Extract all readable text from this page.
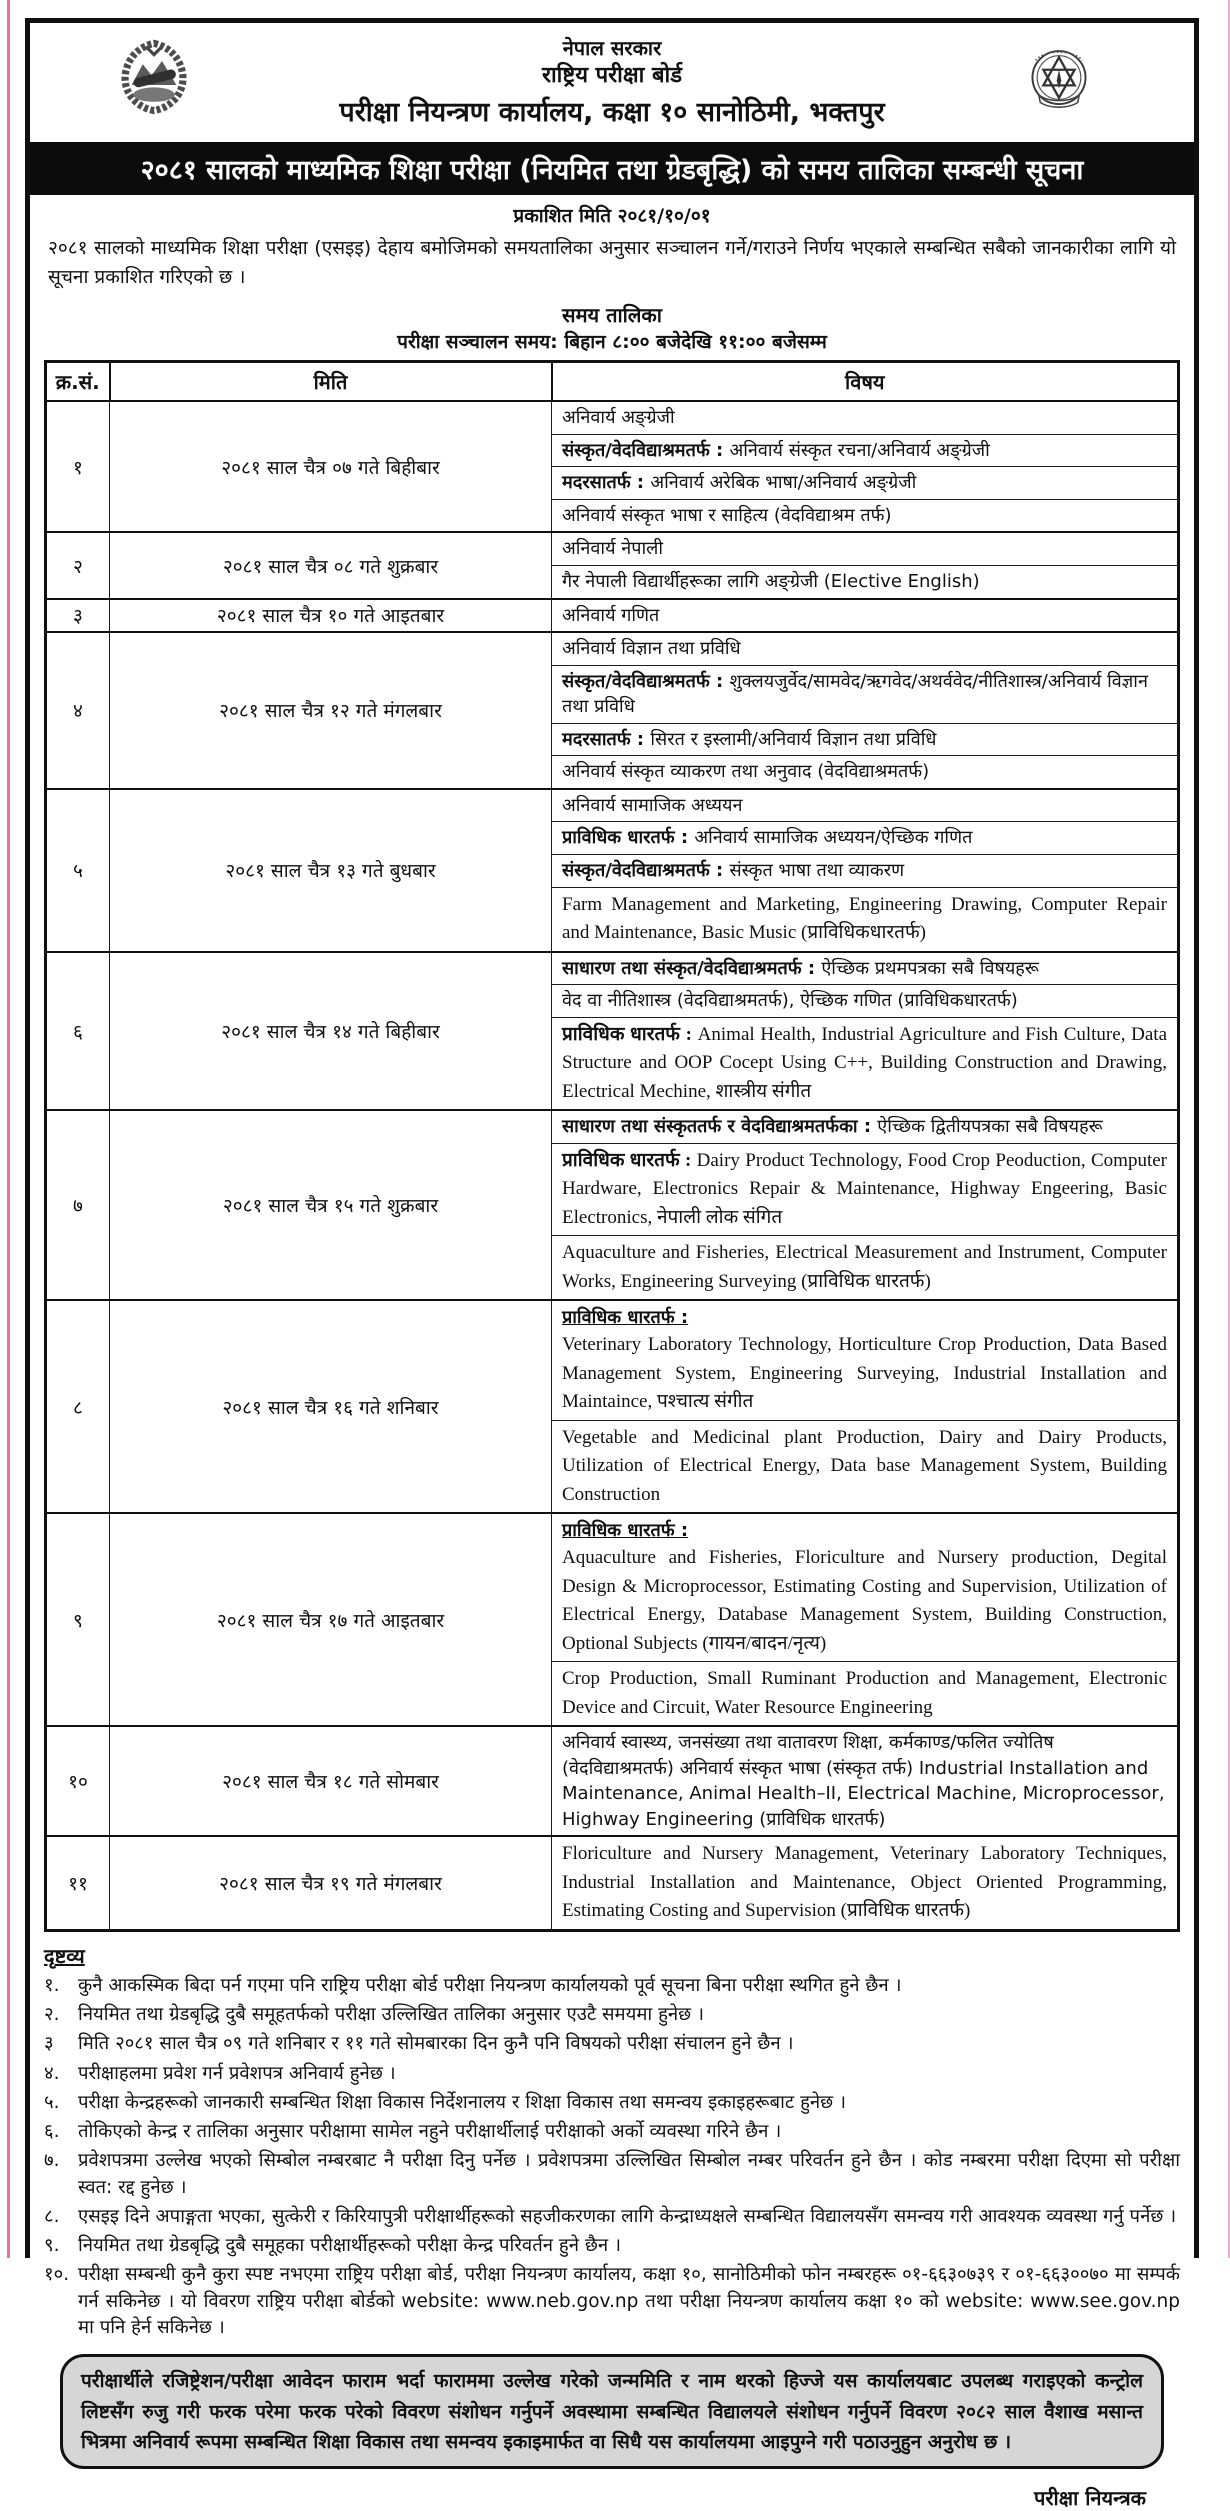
नेपाल सरकार
राष्ट्रिय परीक्षा बोर्ड
परीक्षा नियन्त्रण कार्यालय, कक्षा १० सानोठिमी, भक्तपुर
२०८१ सालको माध्यमिक शिक्षा परीक्षा (नियमित तथा ग्रेडबृद्धि) को समय तालिका सम्बन्धी सूचना
प्रकाशित मिति २०८१/१०/०१
२०८१ सालको माध्यमिक शिक्षा परीक्षा (एसइइ) देहाय बमोजिमको समयतालिका अनुसार सञ्चालन गर्ने/गराउने निर्णय भएकाले सम्बन्धित सबैको जानकारीका लागि यो सूचना प्रकाशित गरिएको छ ।
समय तालिका
परीक्षा सञ्चालन समय: बिहान ८:०० बजेदेखि ११:०० बजेसम्म
क्र.सं.	मिति	विषय
१	२०८१ साल चैत्र ०७ गते बिहीबार	अनिवार्य अङ्ग्रेजी
		संस्कृत/वेदविद्याश्रमतर्फ : अनिवार्य संस्कृत रचना/अनिवार्य अङ्ग्रेजी
		मदरसातर्फ : अनिवार्य अरेबिक भाषा/अनिवार्य अङ्ग्रेजी
		अनिवार्य संस्कृत भाषा र साहित्य (वेदविद्याश्रम तर्फ)
२	२०८१ साल चैत्र ०८ गते शुक्रबार	अनिवार्य नेपाली
		गैर नेपाली विद्यार्थीहरूका लागि अङ्ग्रेजी (Elective English)
३	२०८१ साल चैत्र १० गते आइतबार	अनिवार्य गणित
४	२०८१ साल चैत्र १२ गते मंगलबार	अनिवार्य विज्ञान तथा प्रविधि
		संस्कृत/वेदविद्याश्रमतर्फ : शुक्लयजुर्वेद/सामवेद/ऋगवेद/अथर्ववेद/नीतिशास्त्र/अनिवार्य विज्ञान तथा प्रविधि
		मदरसातर्फ : सिरत र इस्लामी/अनिवार्य विज्ञान तथा प्रविधि
		अनिवार्य संस्कृत व्याकरण तथा अनुवाद (वेदविद्याश्रमतर्फ)
५	२०८१ साल चैत्र १३ गते बुधबार	अनिवार्य सामाजिक अध्ययन
		प्राविधिक धारतर्फ : अनिवार्य सामाजिक अध्ययन/ऐच्छिक गणित
		संस्कृत/वेदविद्याश्रमतर्फ : संस्कृत भाषा तथा व्याकरण
		Farm Management and Marketing, Engineering Drawing, Computer Repair and Maintenance, Basic Music (प्राविधिकधारतर्फ)
६	२०८१ साल चैत्र १४ गते बिहीबार	साधारण तथा संस्कृत/वेदविद्याश्रमतर्फ : ऐच्छिक प्रथमपत्रका सबै विषयहरू
		वेद वा नीतिशास्त्र (वेदविद्याश्रमतर्फ), ऐच्छिक गणित (प्राविधिकधारतर्फ)
		प्राविधिक धारतर्फ : Animal Health, Industrial Agriculture and Fish Culture, Data Structure and OOP Cocept Using C++, Building Construction and Drawing, Electrical Mechine, शास्त्रीय संगीत
७	२०८१ साल चैत्र १५ गते शुक्रबार	साधारण तथा संस्कृततर्फ र वेदविद्याश्रमतर्फका : ऐच्छिक द्वितीयपत्रका सबै विषयहरू
		प्राविधिक धारतर्फ : Dairy Product Technology, Food Crop Peoduction, Computer Hardware, Electronics Repair & Maintenance, Highway Engeering, Basic Electronics, नेपाली लोक संगित
		Aquaculture and Fisheries, Electrical Measurement and Instrument, Computer Works, Engineering Surveying (प्राविधिक धारतर्फ)
८	२०८१ साल चैत्र १६ गते शनिबार	प्राविधिक धारतर्फ :
Veterinary Laboratory Technology, Horticulture Crop Production, Data Based Management System, Engineering Surveying, Industrial Installation and Maintaince, पश्चात्य संगीत

		Vegetable and Medicinal plant Production, Dairy and Dairy Products, Utilization of Electrical Energy, Data base Management System, Building Construction
९	२०८१ साल चैत्र १७ गते आइतबार	प्राविधिक धारतर्फ :
Aquaculture and Fisheries, Floriculture and Nursery production, Degital Design & Microprocessor, Estimating Costing and Supervision, Utilization of Electrical Energy, Database Management System, Building Construction, Optional Subjects (गायन/बादन/नृत्य)

		Crop Production, Small Ruminant Production and Management, Electronic Device and Circuit, Water Resource Engineering
१०	२०८१ साल चैत्र १८ गते सोमबार	अनिवार्य स्वास्थ्य, जनसंख्या तथा वातावरण शिक्षा, कर्मकाण्ड/फलित ज्योतिष (वेदविद्याश्रमतर्फ) अनिवार्य संस्कृत भाषा (संस्कृत तर्फ) Industrial Installation and Maintenance, Animal Health–II, Electrical Machine, Microprocessor, Highway Engineering (प्राविधिक धारतर्फ)
११	२०८१ साल चैत्र १९ गते मंगलबार	Floriculture and Nursery Management, Veterinary Laboratory Techniques, Industrial Installation and Maintenance, Object Oriented Programming, Estimating Costing and Supervision (प्राविधिक धारतर्फ)
दृष्टव्य
१. कुनै आकस्मिक बिदा पर्न गएमा पनि राष्ट्रिय परीक्षा बोर्ड परीक्षा नियन्त्रण कार्यालयको पूर्व सूचना बिना परीक्षा स्थगित हुने छैन ।
२. नियमित तथा ग्रेडबृद्धि दुबै समूहतर्फको परीक्षा उल्लिखित तालिका अनुसार एउटै समयमा हुनेछ ।
३	मिति २०८१ साल चैत्र ०९ गते शनिबार र ११ गते सोमबारका दिन कुनै पनि विषयको परीक्षा संचालन हुने छैन ।
४. परीक्षाहलमा प्रवेश गर्न प्रवेशपत्र अनिवार्य हुनेछ ।
५. परीक्षा केन्द्रहरूको जानकारी सम्बन्धित शिक्षा विकास निर्देशनालय र शिक्षा विकास तथा समन्वय इकाइहरूबाट हुनेछ ।
६. तोकिएको केन्द्र र तालिका अनुसार परीक्षामा सामेल नहुने परीक्षार्थीलाई परीक्षाको अर्को व्यवस्था गरिने छैन ।
७. प्रवेशपत्रमा उल्लेख भएको सिम्बोल नम्बरबाट नै परीक्षा दिनु पर्नेछ । प्रवेशपत्रमा उल्लिखित सिम्बोल नम्बर परिवर्तन हुने छैन । कोड नम्बरमा परीक्षा दिएमा सो परीक्षा स्वत: रद्द हुनेछ ।
८. एसइइ दिने अपाङ्गता भएका, सुत्केरी र किरियापुत्री परीक्षार्थीहरूको सहजीकरणका लागि केन्द्राध्यक्षले सम्बन्धित विद्यालयसँग समन्वय गरी आवश्यक व्यवस्था गर्नु पर्नेछ ।
९. नियमित तथा ग्रेडबृद्धि दुबै समूहका परीक्षार्थीहरूको परीक्षा केन्द्र परिवर्तन हुने छैन ।
१०. परीक्षा सम्बन्धी कुनै कुरा स्पष्ट नभएमा राष्ट्रिय परीक्षा बोर्ड, परीक्षा नियन्त्रण कार्यालय, कक्षा १०, सानोठिमीको फोन नम्बरहरू ०१-६६३०७३९ र ०१-६६३००७० मा सम्पर्क गर्न सकिनेछ । यो विवरण राष्ट्रिय परीक्षा बोर्डको website: www.neb.gov.np तथा परीक्षा नियन्त्रण कार्यालय कक्षा १० को website: www.see.gov.np मा पनि हेर्न सकिनेछ ।
परीक्षार्थीले रजिष्ट्रेशन/परीक्षा आवेदन फाराम भर्दा फाराममा उल्लेख गरेको जन्ममिति र नाम थरको हिज्जे यस कार्यालयबाट उपलब्ध गराइएको कन्ट्रोल लिष्टसँग रुजु गरी फरक परेमा फरक परेको विवरण संशोधन गर्नुपर्ने अवस्थामा सम्बन्धित विद्यालयले संशोधन गर्नुपर्ने विवरण २०८२ साल वैशाख मसान्त भित्रमा अनिवार्य रूपमा सम्बन्धित शिक्षा विकास तथा समन्वय इकाइमार्फत वा सिधै यस कार्यालयमा आइपुग्ने गरी पठाउनुहुन अनुरोध छ ।
परीक्षा नियन्त्रक
